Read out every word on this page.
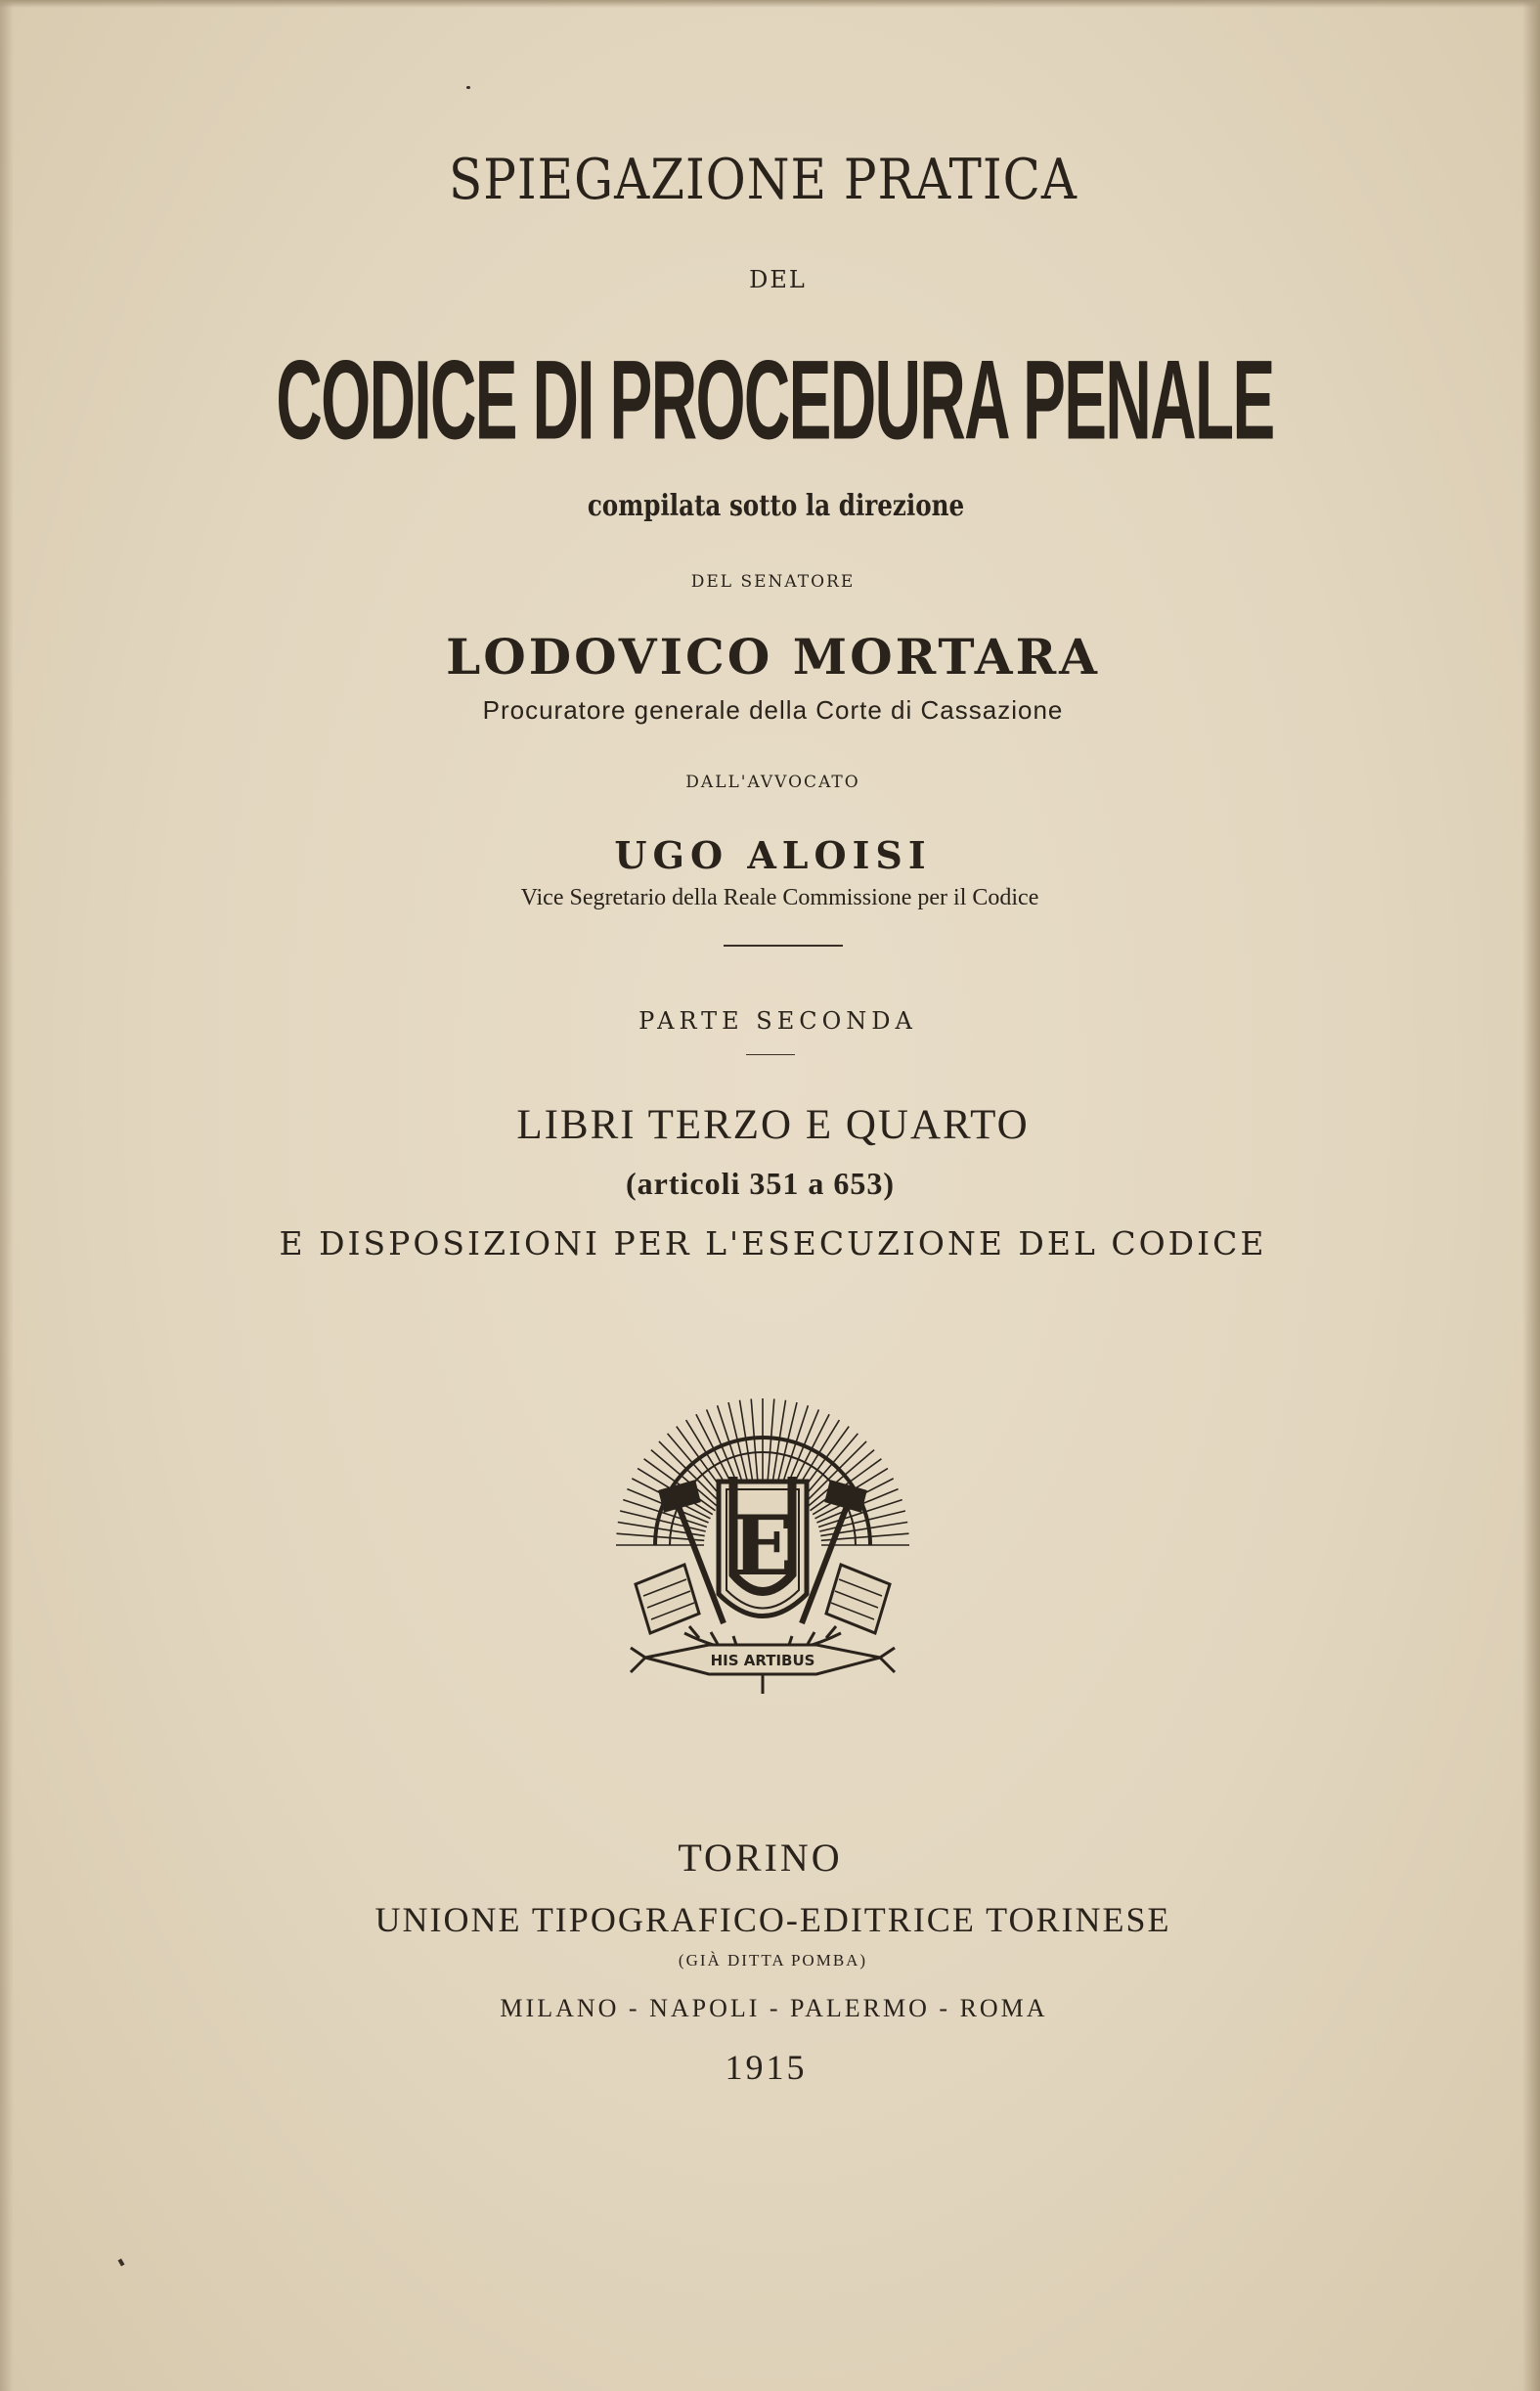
SPIEGAZIONE PRATICA
DEL
CODICE DI PROCEDURA PENALE
compilata sotto la direzione
DEL SENATORE
LODOVICO MORTARA
Procuratore generale della Corte di Cassazione
DALL'AVVOCATO
UGO ALOISI
Vice Segretario della Reale Commissione per il Codice
PARTE SECONDA
LIBRI TERZO E QUARTO
(articoli 351 a 653)
E DISPOSIZIONI PER L'ESECUZIONE DEL CODICE
E
HIS ARTIBUS
TORINO
UNIONE TIPOGRAFICO-EDITRICE TORINESE
(GIÀ DITTA POMBA)
MILANO - NAPOLI - PALERMO - ROMA
1915
